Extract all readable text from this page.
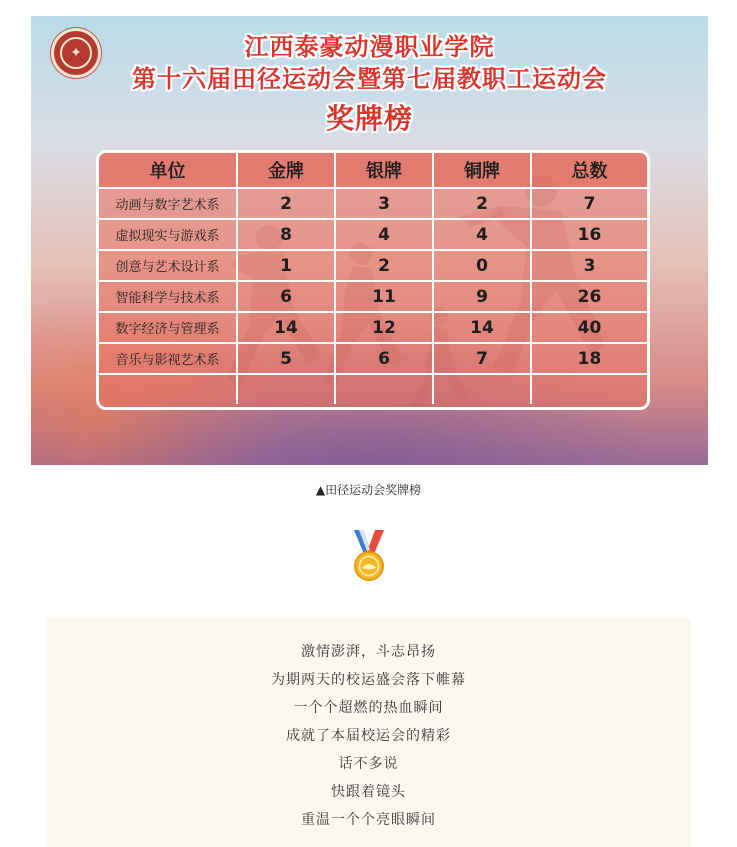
✦	江西泰豪动漫职业学院
第十六届田径运动会暨第七届教职工运动会
奖牌榜
单位	金牌	银牌	铜牌	总数
动画与数字艺术系	2	3	2	7
虚拟现实与游戏系	8	4	4	16
创意与艺术设计系	1	2	0	3
智能科学与技术系	6	11	9	26
数字经济与管理系	14	12	14	40
音乐与影视艺术系	5	6	7	18

▲田径运动会奖牌榜
激情澎湃，斗志昂扬
为期两天的校运盛会落下帷幕
一个个超燃的热血瞬间
成就了本届校运会的精彩
话不多说
快跟着镜头
重温一个个亮眼瞬间
